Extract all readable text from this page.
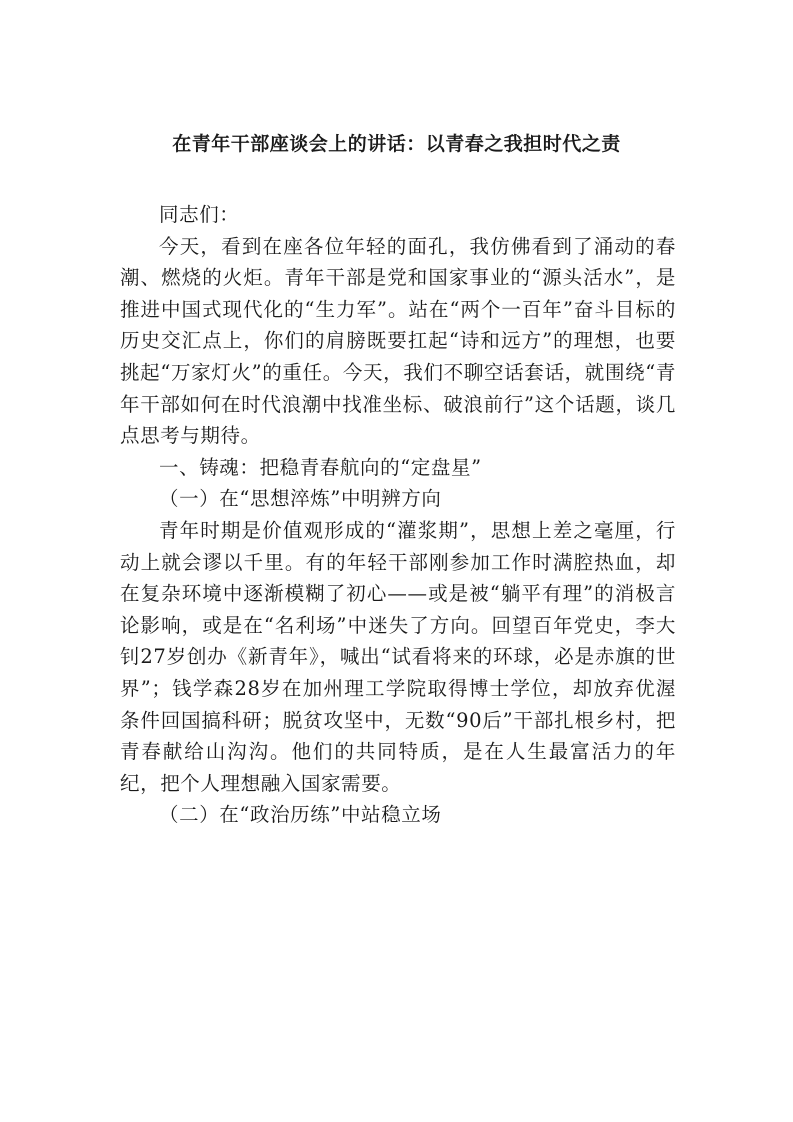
在青年干部座谈会上的讲话：以青春之我担时代之责

同志们：

今天，看到在座各位年轻的面孔，我仿佛看到了涌动的春潮、燃烧的火炬。青年干部是党和国家事业的“源头活水”，是推进中国式现代化的“生力军”。站在“两个一百年”奋斗目标的历史交汇点上，你们的肩膀既要扛起“诗和远方”的理想，也要挑起“万家灯火”的重任。今天，我们不聊空话套话，就围绕“青年干部如何在时代浪潮中找准坐标、破浪前行”这个话题，谈几点思考与期待。

一、铸魂：把稳青春航向的“定盘星”

（一）在“思想淬炼”中明辨方向

青年时期是价值观形成的“灌浆期”，思想上差之毫厘，行动上就会谬以千里。有的年轻干部刚参加工作时满腔热血，却在复杂环境中逐渐模糊了初心——或是被“躺平有理”的消极言论影响，或是在“名利场”中迷失了方向。回望百年党史，李大钊27岁创办《新青年》，喊出“试看将来的环球，必是赤旗的世界”；钱学森28岁在加州理工学院取得博士学位，却放弃优渥条件回国搞科研；脱贫攻坚中，无数“90后”干部扎根乡村，把青春献给山沟沟。他们的共同特质，是在人生最富活力的年纪，把个人理想融入国家需要。

（二）在“政治历练”中站稳立场
